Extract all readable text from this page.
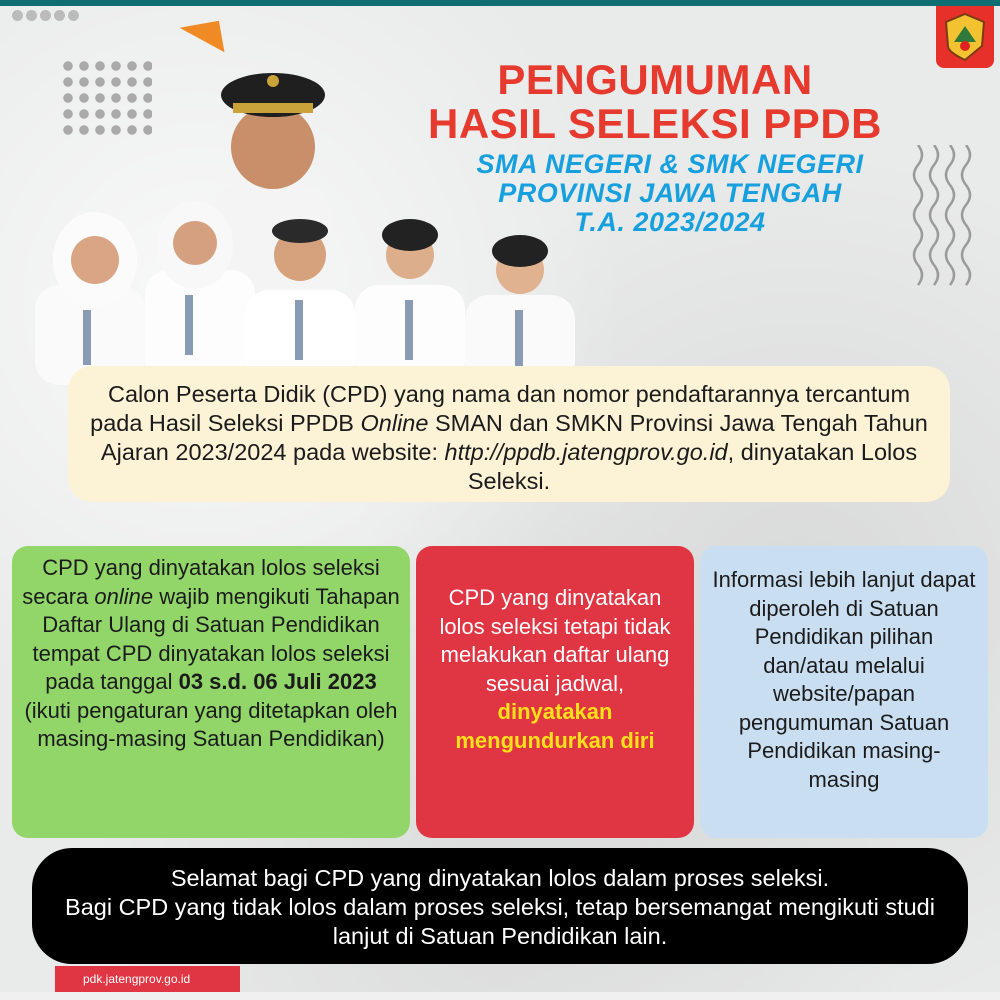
PENGUMUMAN
HASIL SELEKSI PPDB
SMA NEGERI & SMK NEGERI
PROVINSI JAWA TENGAH
T.A. 2023/2024
Calon Peserta Didik (CPD) yang nama dan nomor pendaftarannya tercantum pada Hasil Seleksi PPDB Online SMAN dan SMKN Provinsi Jawa Tengah Tahun Ajaran 2023/2024 pada website: http://ppdb.jatengprov.go.id, dinyatakan Lolos Seleksi.
CPD yang dinyatakan lolos seleksi secara online wajib mengikuti Tahapan Daftar Ulang di Satuan Pendidikan tempat CPD dinyatakan lolos seleksi pada tanggal 03 s.d. 06 Juli 2023 (ikuti pengaturan yang ditetapkan oleh masing-masing Satuan Pendidikan)
CPD yang dinyatakan lolos seleksi tetapi tidak melakukan daftar ulang sesuai jadwal, dinyatakan mengundurkan diri
Informasi lebih lanjut dapat diperoleh di Satuan Pendidikan pilihan dan/atau melalui website/papan pengumuman Satuan Pendidikan masing-masing
Selamat bagi CPD yang dinyatakan lolos dalam proses seleksi.
Bagi CPD yang tidak lolos dalam proses seleksi, tetap bersemangat mengikuti studi lanjut di Satuan Pendidikan lain.
pdk.jatengprov.go.id
